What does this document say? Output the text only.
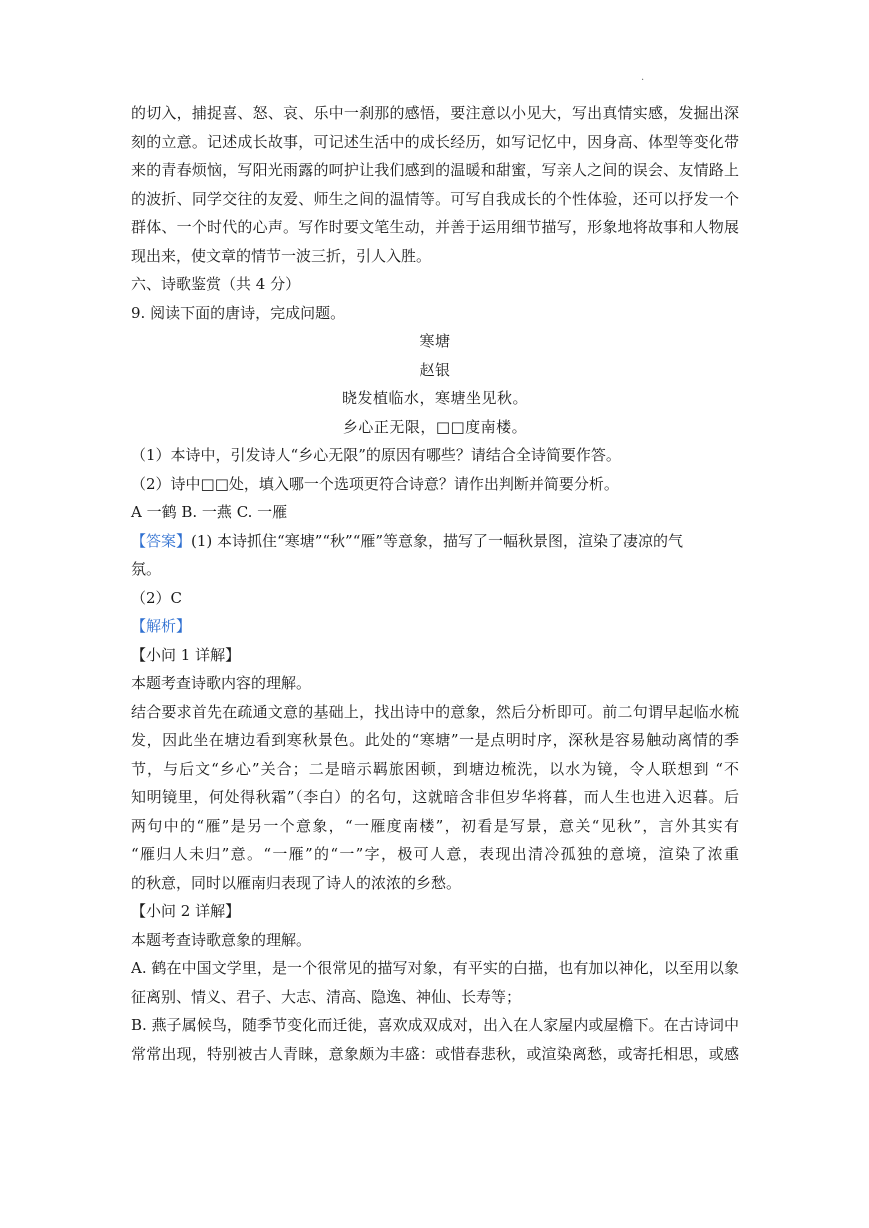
.
的切入，捕捉喜、怒、哀、乐中一刹那的感悟，要注意以小见大，写出真情实感，发掘出深
刻的立意。记述成长故事，可记述生活中的成长经历，如写记忆中，因身高、体型等变化带
来的青春烦恼，写阳光雨露的呵护让我们感到的温暖和甜蜜，写亲人之间的误会、友情路上
的波折、同学交往的友爱、师生之间的温情等。可写自我成长的个性体验，还可以抒发一个
群体、一个时代的心声。写作时要文笔生动，并善于运用细节描写，形象地将故事和人物展
现出来，使文章的情节一波三折，引人入胜。
六、诗歌鉴赏（共 4 分）
9. 阅读下面的唐诗，完成问题。
寒塘
赵银
晓发植临水，寒塘坐见秋。
乡心正无限，□□度南楼。
（1）本诗中，引发诗人“乡心无限”的原因有哪些？请结合全诗简要作答。
（2）诗中□□处，填入哪一个选项更符合诗意？请作出判断并简要分析。
A 一鹤 B. 一燕 C. 一雁
【答案】(1) 本诗抓住“寒塘”“秋”“雁”等意象，描写了一幅秋景图，渲染了凄凉的气
氛。
（2）C
【解析】
【小问 1 详解】
本题考查诗歌内容的理解。
结合要求首先在疏通文意的基础上，找出诗中的意象，然后分析即可。前二句谓早起临水梳
发，因此坐在塘边看到寒秋景色。此处的“寒塘”一是点明时序，深秋是容易触动离情的季
节，与后文“乡心”关合；二是暗示羁旅困顿，到塘边梳洗，以水为镜，令人联想到 “不
知明镜里，何处得秋霜”（李白）的名句，这就暗含非但岁华将暮，而人生也进入迟暮。后
两句中的“雁”是另一个意象，“一雁度南楼”，初看是写景，意关“见秋”，言外其实有
“雁归人未归”意。“一雁”的“一”字，极可人意，表现出清冷孤独的意境，渲染了浓重
的秋意，同时以雁南归表现了诗人的浓浓的乡愁。
【小问 2 详解】
本题考查诗歌意象的理解。
A. 鹤在中国文学里，是一个很常见的描写对象，有平实的白描，也有加以神化，以至用以象
征离别、情义、君子、大志、清高、隐逸、神仙、长寿等；
B. 燕子属候鸟，随季节变化而迁徙，喜欢成双成对，出入在人家屋内或屋檐下。在古诗词中
常常出现，特别被古人青睐，意象颇为丰盛：或惜春悲秋，或渲染离愁，或寄托相思，或感
